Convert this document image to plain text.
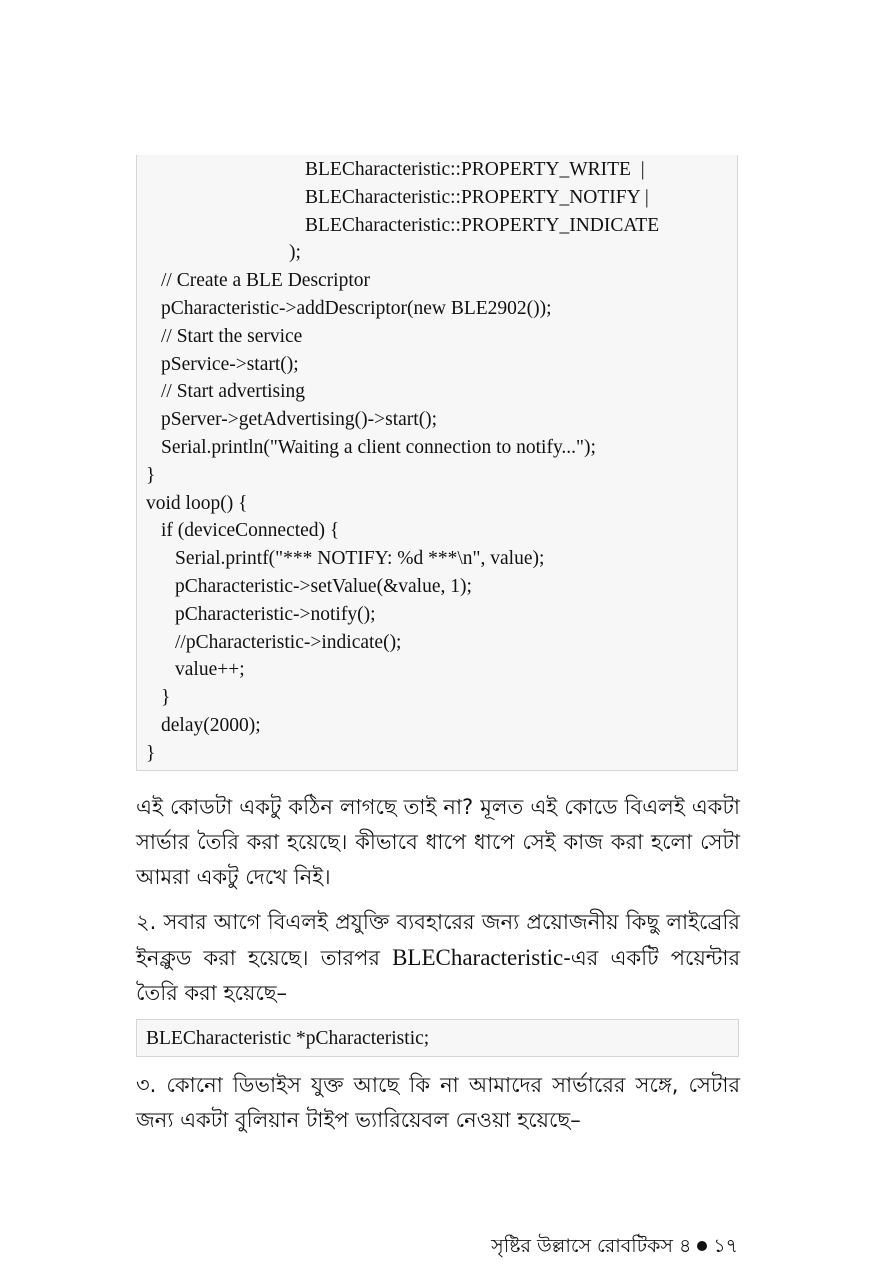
BLECharacteristic::PROPERTY_WRITE  |
BLECharacteristic::PROPERTY_NOTIFY |
BLECharacteristic::PROPERTY_INDICATE
);
// Create a BLE Descriptor
pCharacteristic->addDescriptor(new BLE2902());
// Start the service
pService->start();
// Start advertising
pServer->getAdvertising()->start();
Serial.println("Waiting a client connection to notify...");
}
void loop() {
if (deviceConnected) {
Serial.printf("*** NOTIFY: %d ***\n", value);
pCharacteristic->setValue(&value, 1);
pCharacteristic->notify();
//pCharacteristic->indicate();
value++;
}
delay(2000);
}
এই কোডটা একটু কঠিন লাগছে তাই না? মূলত এই কোডে বিএলই একটা সার্ভার তৈরি করা হয়েছে। কীভাবে ধাপে ধাপে সেই কাজ করা হলো সেটা আমরা একটু দেখে নিই।
২. সবার আগে বিএলই প্রযুক্তি ব্যবহারের জন্য প্রয়োজনীয় কিছু লাইব্রেরি ইনক্লুড করা হয়েছে। তারপর BLECharacteristic-এর একটি পয়েন্টার তৈরি করা হয়েছে–
BLECharacteristic *pCharacteristic;
৩. কোনো ডিভাইস যুক্ত আছে কি না আমাদের সার্ভারের সঙ্গে, সেটার জন্য একটা বুলিয়ান টাইপ ভ্যারিয়েবল নেওয়া হয়েছে–
সৃষ্টির উল্লাসে রোবটিকস ৪ ১৭
